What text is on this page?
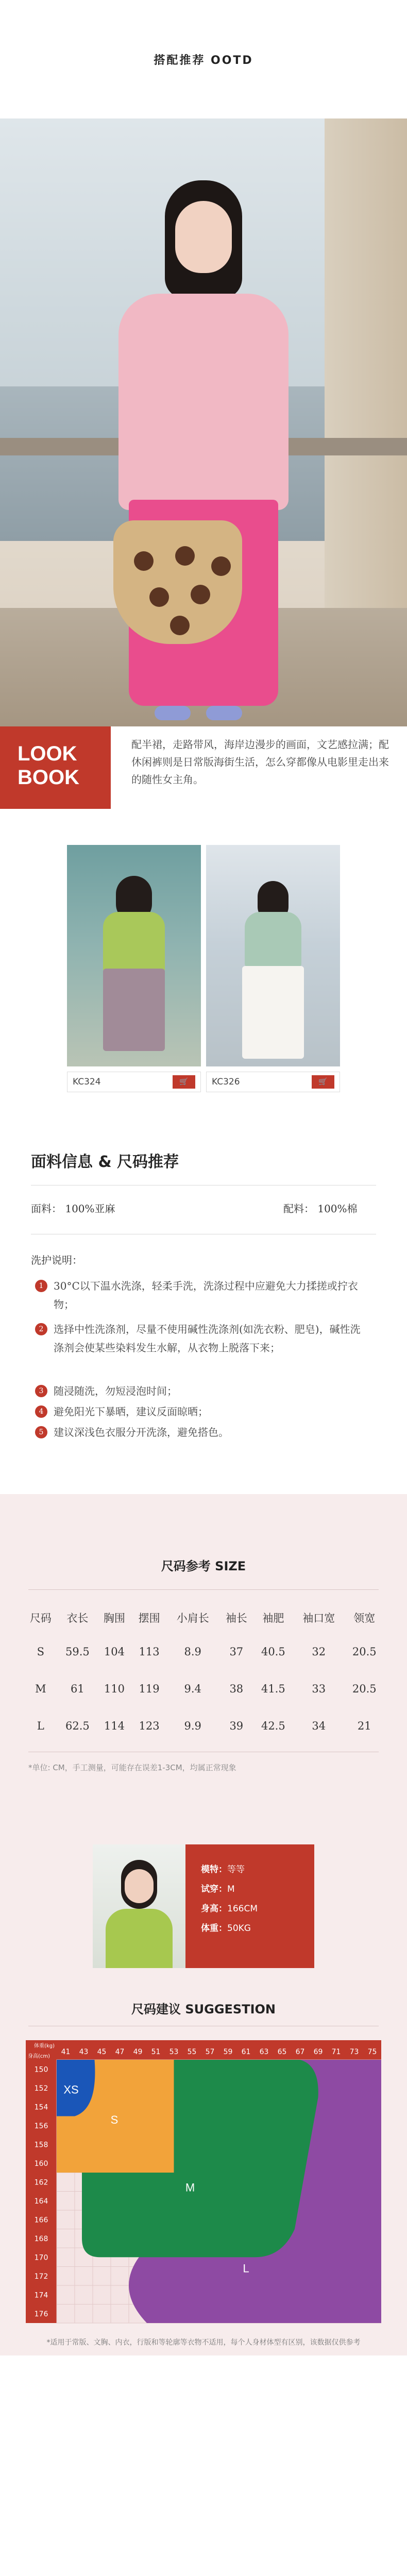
搭配推荐 OOTD
LOOK
BOOK
配半裙，走路带风，海岸边漫步的画面，文艺感拉满；配休闲裤则是日常版海街生活，怎么穿都像从电影里走出来的随性女主角。
KC324	🛒	KC326	🛒
面料信息 & 尺码推荐
面料： 100%亚麻	配料： 100%棉
洗护说明：
1 30°C以下温水洗涤，轻柔手洗，洗涤过程中应避免大力揉搓或拧衣物；
2 选择中性洗涤剂，尽量不使用碱性洗涤剂(如洗衣粉、肥皂)，碱性洗涤剂会使某些染料发生水解，从衣物上脱落下来；
3 随浸随洗，勿短浸泡时间；
4 避免阳光下暴晒，建议反面晾晒；
5 建议深浅色衣服分开洗涤，避免搭色。
尺码参考 SIZE
尺码	衣长	胸围	摆围	小肩长	袖长	袖肥	袖口宽	领宽
S	59.5	104	113	8.9	37	40.5	32	20.5
M	61	110	119	9.4	38	41.5	33	20.5
L	62.5	114	123	9.9	39	42.5	34	21
*单位: CM，手工测量，可能存在误差1-3CM，均属正常现象
模特：等等
试穿：M
身高：166CM
体重：50KG
尺码建议 SUGGESTION
体重(kg)
身高(cm)
41 43 45 47 49 51 53 55 57 59 61 63 65 67 69 71 73 75
150
152
154
156
158
160
162
164
166
168
170
172
174
176
XS
S
M
L
*适用于常版、文胸、内衣，行版和等轮廓等衣物不适用，每个人身材体型有区别，该数据仅供参考
